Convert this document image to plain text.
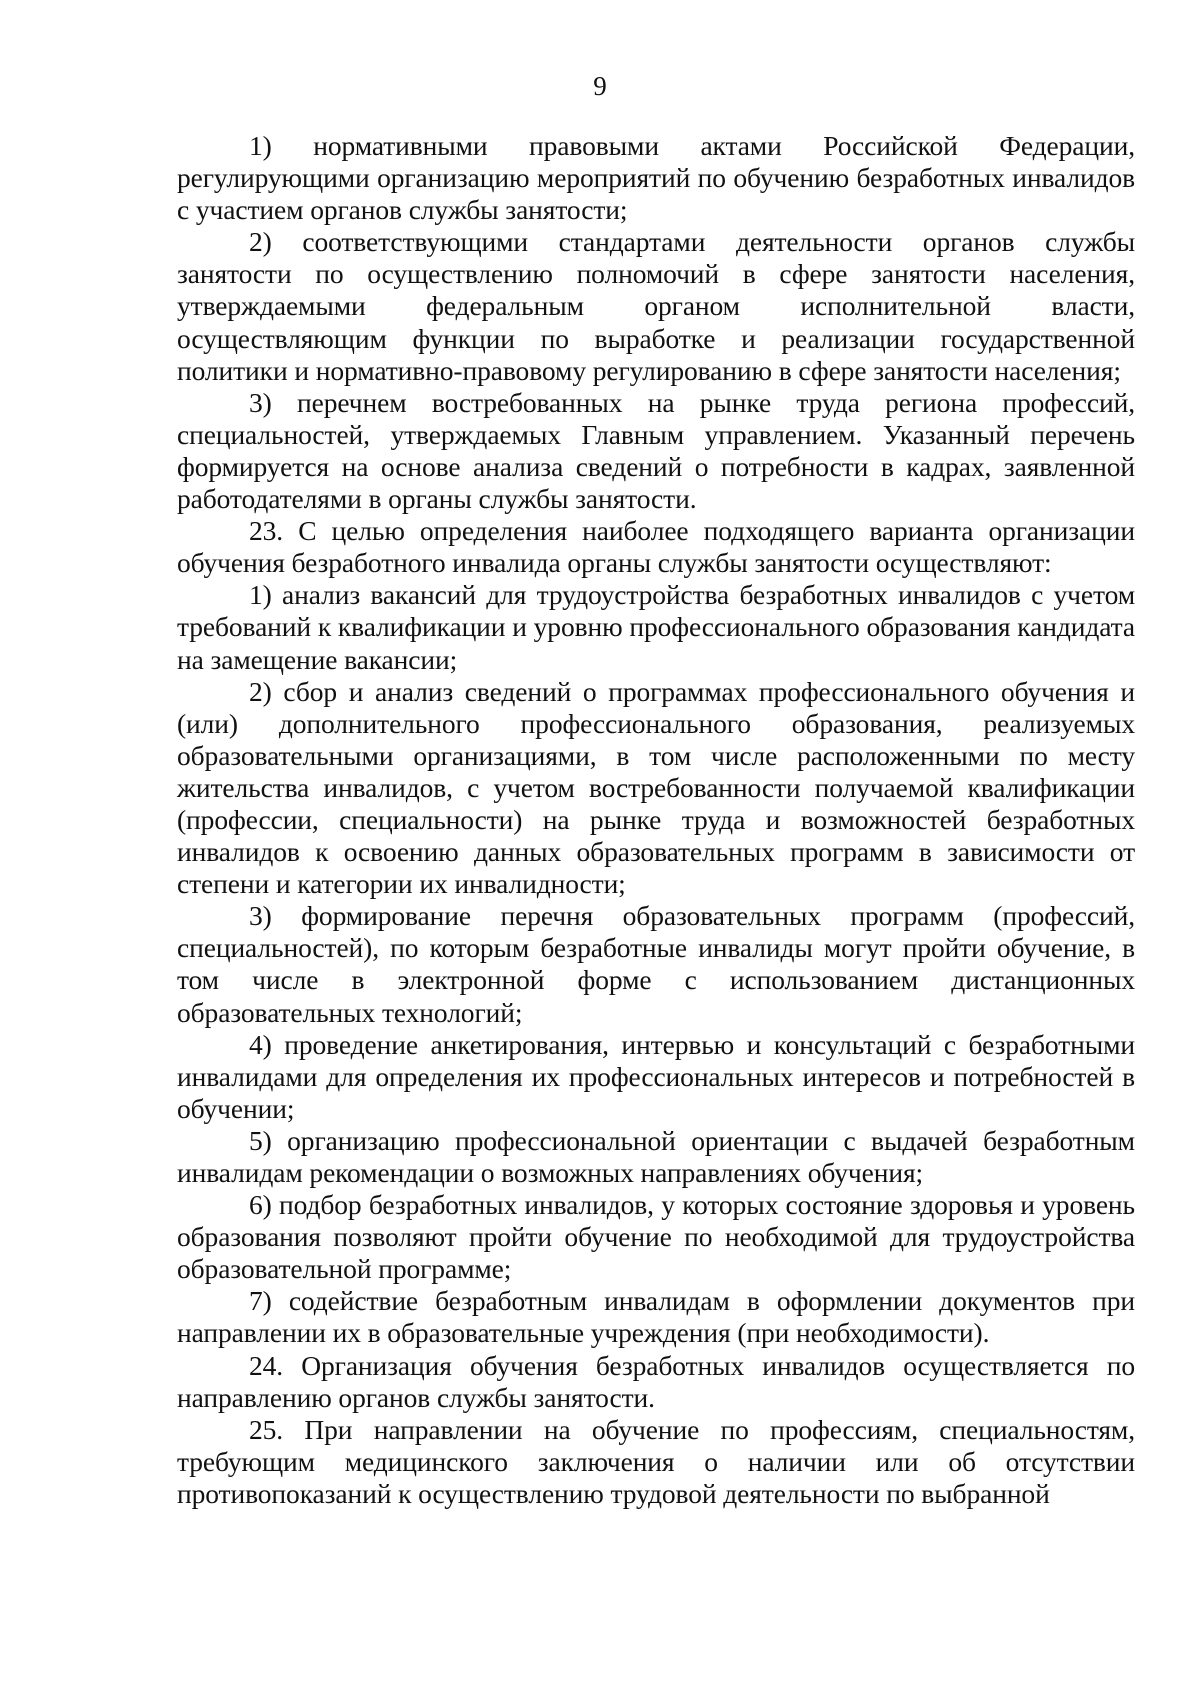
9

1) нормативными правовыми актами Российской Федерации, регулирующими организацию мероприятий по обучению безработных инвалидов с участием органов службы занятости;

2) соответствующими стандартами деятельности органов службы занятости по осуществлению полномочий в сфере занятости населения, утверждаемыми федеральным органом исполнительной власти, осуществляющим функции по выработке и реализации государственной политики и нормативно-правовому регулированию в сфере занятости населения;

3) перечнем востребованных на рынке труда региона профессий, специальностей, утверждаемых Главным управлением. Указанный перечень формируется на основе анализа сведений о потребности в кадрах, заявленной работодателями в органы службы занятости.

23. С целью определения наиболее подходящего варианта организации обучения безработного инвалида органы службы занятости осуществляют:

1) анализ вакансий для трудоустройства безработных инвалидов с учетом требований к квалификации и уровню профессионального образования кандидата на замещение вакансии;

2) сбор и анализ сведений о программах профессионального обучения и (или) дополнительного профессионального образования, реализуемых образовательными организациями, в том числе расположенными по месту жительства инвалидов, с учетом востребованности получаемой квалификации (профессии, специальности) на рынке труда и возможностей безработных инвалидов к освоению данных образовательных программ в зависимости от степени и категории их инвалидности;

3) формирование перечня образовательных программ (профессий, специальностей), по которым безработные инвалиды могут пройти обучение, в том числе в электронной форме с использованием дистанционных образовательных технологий;

4) проведение анкетирования, интервью и консультаций с безработными инвалидами для определения их профессиональных интересов и потребностей в обучении;

5) организацию профессиональной ориентации с выдачей безработным инвалидам рекомендации о возможных направлениях обучения;

6) подбор безработных инвалидов, у которых состояние здоровья и уровень образования позволяют пройти обучение по необходимой для трудоустройства образовательной программе;

7) содействие безработным инвалидам в оформлении документов при направлении их в образовательные учреждения (при необходимости).

24. Организация обучения безработных инвалидов осуществляется по направлению органов службы занятости.

25. При направлении на обучение по профессиям, специальностям, требующим медицинского заключения о наличии или об отсутствии противопоказаний к осуществлению трудовой деятельности по выбранной
